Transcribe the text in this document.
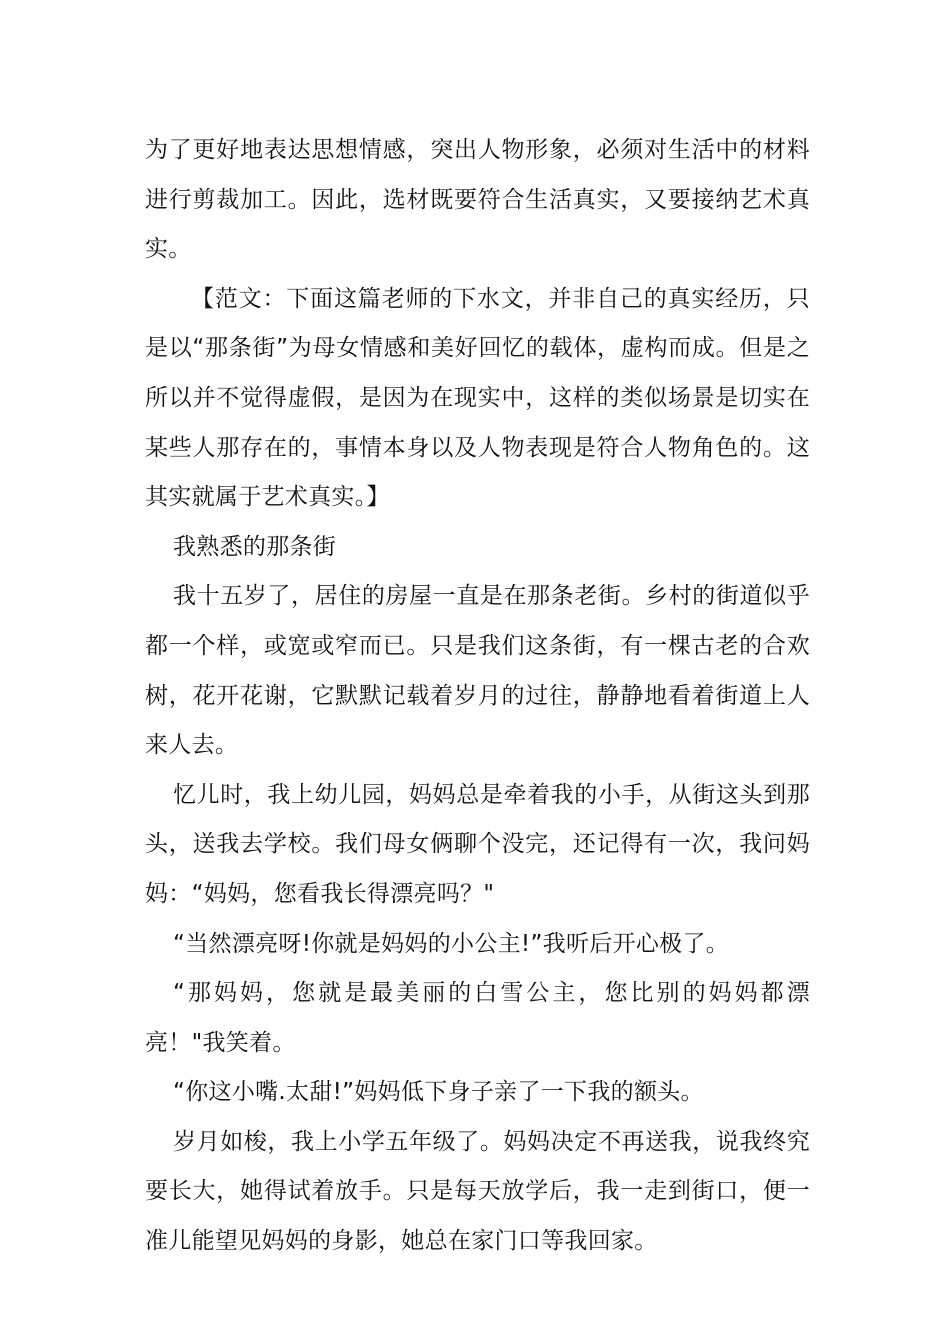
为了更好地表达思想情感，突出人物形象，必须对生活中的材料进行剪裁加工。因此，选材既要符合生活真实，又要接纳艺术真实。

【范文：下面这篇老师的下水文，并非自己的真实经历，只是以“那条街”为母女情感和美好回忆的载体，虚构而成。但是之所以并不觉得虚假，是因为在现实中，这样的类似场景是切实在某些人那存在的，事情本身以及人物表现是符合人物角色的。这其实就属于艺术真实。】

我熟悉的那条街

我十五岁了，居住的房屋一直是在那条老街。乡村的街道似乎都一个样，或宽或窄而已。只是我们这条街，有一棵古老的合欢树，花开花谢，它默默记载着岁月的过往，静静地看着街道上人来人去。

忆儿时，我上幼儿园，妈妈总是牵着我的小手，从街这头到那头，送我去学校。我们母女俩聊个没完，还记得有一次，我问妈妈：“妈妈，您看我长得漂亮吗？"

“当然漂亮呀!你就是妈妈的小公主!”我听后开心极了。

“那妈妈，您就是最美丽的白雪公主，您比别的妈妈都漂亮！"我笑着。

“你这小嘴.太甜!”妈妈低下身子亲了一下我的额头。

岁月如梭，我上小学五年级了。妈妈决定不再送我，说我终究要长大，她得试着放手。只是每天放学后，我一走到街口，便一准儿能望见妈妈的身影，她总在家门口等我回家。
